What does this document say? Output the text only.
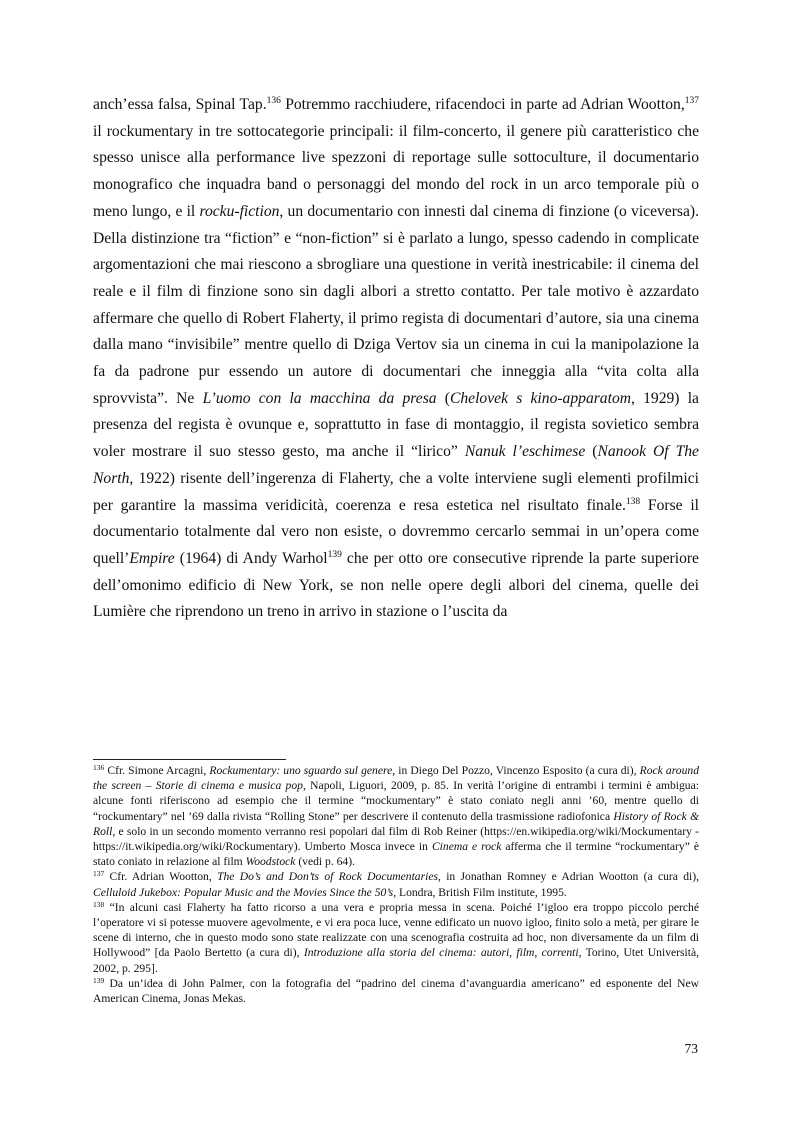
anch’essa falsa, Spinal Tap.$^{136}$ Potremmo racchiudere, rifacendoci in parte ad Adrian Wootton,$^{137}$ il rockumentary in tre sottocategorie principali: il film-concerto, il genere più caratteristico che spesso unisce alla performance live spezzoni di reportage sulle sottoculture, il documentario monografico che inquadra band o personaggi del mondo del rock in un arco temporale più o meno lungo, e il rocku-fiction, un documentario con innesti dal cinema di finzione (o viceversa). Della distinzione tra “fiction” e “non-fiction” si è parlato a lungo, spesso cadendo in complicate argomentazioni che mai riescono a sbrogliare una questione in verità inestricabile: il cinema del reale e il film di finzione sono sin dagli albori a stretto contatto. Per tale motivo è azzardato affermare che quello di Robert Flaherty, il primo regista di documentari d’autore, sia una cinema dalla mano “invisibile” mentre quello di Dziga Vertov sia un cinema in cui la manipolazione la fa da padrone pur essendo un autore di documentari che inneggia alla “vita colta alla sprovvista”. Ne L’uomo con la macchina da presa (Chelovek s kino-apparatom, 1929) la presenza del regista è ovunque e, soprattutto in fase di montaggio, il regista sovietico sembra voler mostrare il suo stesso gesto, ma anche il “lirico” Nanuk l’eschimese (Nanook Of The North, 1922) risente dell’ingerenza di Flaherty, che a volte interviene sugli elementi profilmici per garantire la massima veridicità, coerenza e resa estetica nel risultato finale.$^{138}$ Forse il documentario totalmente dal vero non esiste, o dovremmo cercarlo semmai in un’opera come quell’Empire (1964) di Andy Warhol$^{139}$ che per otto ore consecutive riprende la parte superiore dell’omonimo edificio di New York, se non nelle opere degli albori del cinema, quelle dei Lumière che riprendono un treno in arrivo in stazione o l’uscita da

$^{136}$ Cfr. Simone Arcagni, Rockumentary: uno sguardo sul genere, in Diego Del Pozzo, Vincenzo Esposito (a cura di), Rock around the screen – Storie di cinema e musica pop, Napoli, Liguori, 2009, p. 85. In verità l’origine di entrambi i termini è ambigua: alcune fonti riferiscono ad esempio che il termine “mockumentary” è stato coniato negli anni ’60, mentre quello di “rockumentary” nel ’69 dalla rivista “Rolling Stone” per descrivere il contenuto della trasmissione radiofonica History of Rock & Roll, e solo in un secondo momento verranno resi popolari dal film di Rob Reiner (https://en.wikipedia.org/wiki/Mockumentary - https://it.wikipedia.org/wiki/Rockumentary). Umberto Mosca invece in Cinema e rock afferma che il termine “rockumentary” è stato coniato in relazione al film Woodstock (vedi p. 64).

$^{137}$ Cfr. Adrian Wootton, The Do’s and Don’ts of Rock Documentaries, in Jonathan Romney e Adrian Wootton (a cura di), Celluloid Jukebox: Popular Music and the Movies Since the 50’s, Londra, British Film institute, 1995.

$^{138}$ “In alcuni casi Flaherty ha fatto ricorso a una vera e propria messa in scena. Poiché l’igloo era troppo piccolo perché l’operatore vi si potesse muovere agevolmente, e vi era poca luce, venne edificato un nuovo igloo, finito solo a metà, per girare le scene di interno, che in questo modo sono state realizzate con una scenografia costruita ad hoc, non diversamente da un film di Hollywood” [da Paolo Bertetto (a cura di), Introduzione alla storia del cinema: autori, film, correnti, Torino, Utet Università, 2002, p. 295].

$^{139}$ Da un’idea di John Palmer, con la fotografia del “padrino del cinema d’avanguardia americano” ed esponente del New American Cinema, Jonas Mekas.

73
